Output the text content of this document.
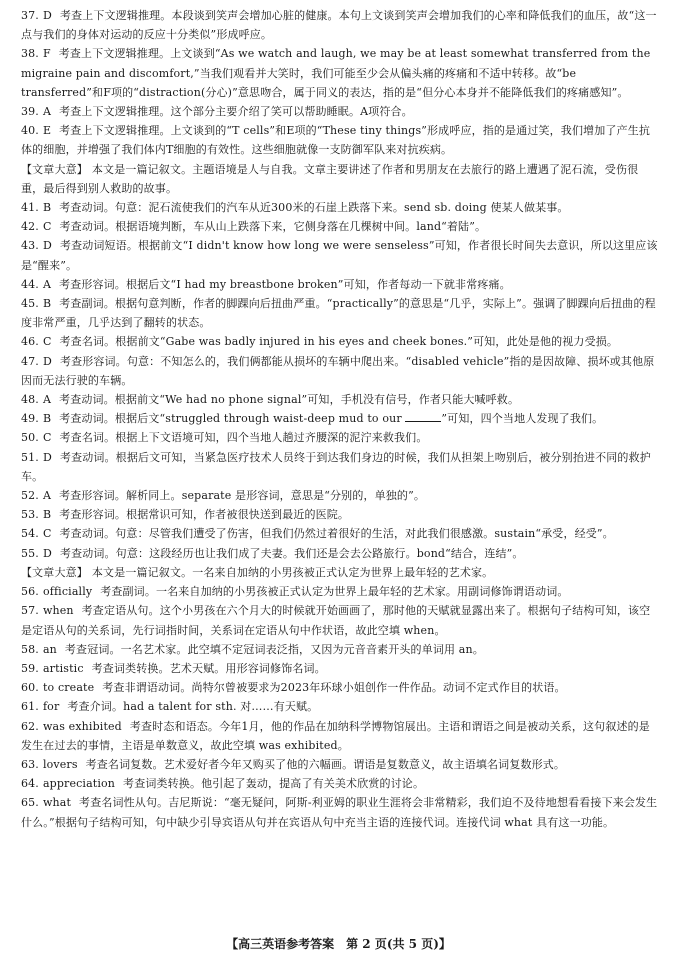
37. D 考查上下文逻辑推理。本段谈到笑声会增加心脏的健康。本句上文谈到笑声会增加我们的心率和降低我们的血压，故“这一点与我们的身体对运动的反应十分类似”形成呼应。

38. F 考查上下文逻辑推理。上文谈到“As we watch and laugh, we may be at least somewhat transferred from the migraine pain and discomfort,”当我们观看并大笑时，我们可能至少会从偏头痛的疼痛和不适中转移。故“be transferred”和F项的“distraction(分心)”意思吻合，属于同义的表达，指的是“但分心本身并不能降低我们的疼痛感知”。

39. A 考查上下文逻辑推理。这个部分主要介绍了笑可以帮助睡眠。A项符合。

40. E 考查上下文逻辑推理。上文谈到的“T cells”和E项的“These tiny things”形成呼应，指的是通过笑，我们增加了产生抗体的细胞，并增强了我们体内T细胞的有效性。这些细胞就像一支防御军队来对抗疾病。

【文章大意】 本文是一篇记叙文。主题语境是人与自我。文章主要讲述了作者和男朋友在去旅行的路上遭遇了泥石流，受伤很重，最后得到别人救助的故事。

41. B 考查动词。句意：泥石流使我们的汽车从近300米的石崖上跌落下来。send sb. doing 使某人做某事。

42. C 考查动词。根据语境判断，车从山上跌落下来，它侧身落在几棵树中间。land“着陆”。

43. D 考查动词短语。根据前文“I didn't know how long we were senseless”可知，作者很长时间失去意识，所以这里应该是“醒来”。

44. A 考查形容词。根据后文“I had my breastbone broken”可知，作者每动一下就非常疼痛。

45. B 考查副词。根据句意判断，作者的脚踝向后扭曲严重。“practically”的意思是“几乎，实际上”。强调了脚踝向后扭曲的程度非常严重，几乎达到了翻转的状态。

46. C 考查名词。根据前文“Gabe was badly injured in his eyes and cheek bones.”可知，此处是他的视力受损。

47. D 考查形容词。句意：不知怎么的，我们俩都能从损坏的车辆中爬出来。“disabled vehicle”指的是因故障、损坏或其他原因而无法行驶的车辆。

48. A 考查动词。根据前文“We had no phone signal”可知，手机没有信号，作者只能大喊呼救。

49. B 考查动词。根据后文“struggled through waist-deep mud to our	”可知，四个当地人发现了我们。

50. C 考查名词。根据上下文语境可知，四个当地人趟过齐腰深的泥泞来救我们。

51. D 考查动词。根据后文可知，当紧急医疗技术人员终于到达我们身边的时候，我们从担架上吻别后，被分别抬进不同的救护车。

52. A 考查形容词。解析同上。separate 是形容词，意思是“分别的，单独的”。

53. B 考查形容词。根据常识可知，作者被很快送到最近的医院。

54. C 考查动词。句意：尽管我们遭受了伤害，但我们仍然过着很好的生活，对此我们很感激。sustain“承受，经受”。

55. D 考查动词。句意：这段经历也让我们成了夫妻。我们还是会去公路旅行。bond“结合，连结”。

【文章大意】 本文是一篇记叙文。一名来自加纳的小男孩被正式认定为世界上最年轻的艺术家。

56. officially 考查副词。一名来自加纳的小男孩被正式认定为世界上最年轻的艺术家。用副词修饰谓语动词。

57. when 考查定语从句。这个小男孩在六个月大的时候就开始画画了，那时他的天赋就显露出来了。根据句子结构可知，该空是定语从句的关系词，先行词指时间，关系词在定语从句中作状语，故此空填 when。

58. an 考查冠词。一名艺术家。此空填不定冠词表泛指，又因为元音音素开头的单词用 an。

59. artistic 考查词类转换。艺术天赋。用形容词修饰名词。

60. to create 考查非谓语动词。尚特尔曾被要求为2023年环球小姐创作一件作品。动词不定式作目的状语。

61. for 考查介词。had a talent for sth. 对……有天赋。

62. was exhibited 考查时态和语态。今年1月，他的作品在加纳科学博物馆展出。主语和谓语之间是被动关系，这句叙述的是发生在过去的事情，主语是单数意义，故此空填 was exhibited。

63. lovers 考查名词复数。艺术爱好者今年又购买了他的六幅画。谓语是复数意义，故主语填名词复数形式。

64. appreciation 考查词类转换。他引起了轰动，提高了有关美术欣赏的讨论。

65. what 考查名词性从句。吉尼斯说：“毫无疑问，阿斯-利亚姆的职业生涯将会非常精彩，我们迫不及待地想看看接下来会发生什么。”根据句子结构可知，句中缺少引导宾语从句并在宾语从句中充当主语的连接代词。连接代词 what 具有这一功能。

【高三英语参考答案　第 2 页(共 5 页)】
